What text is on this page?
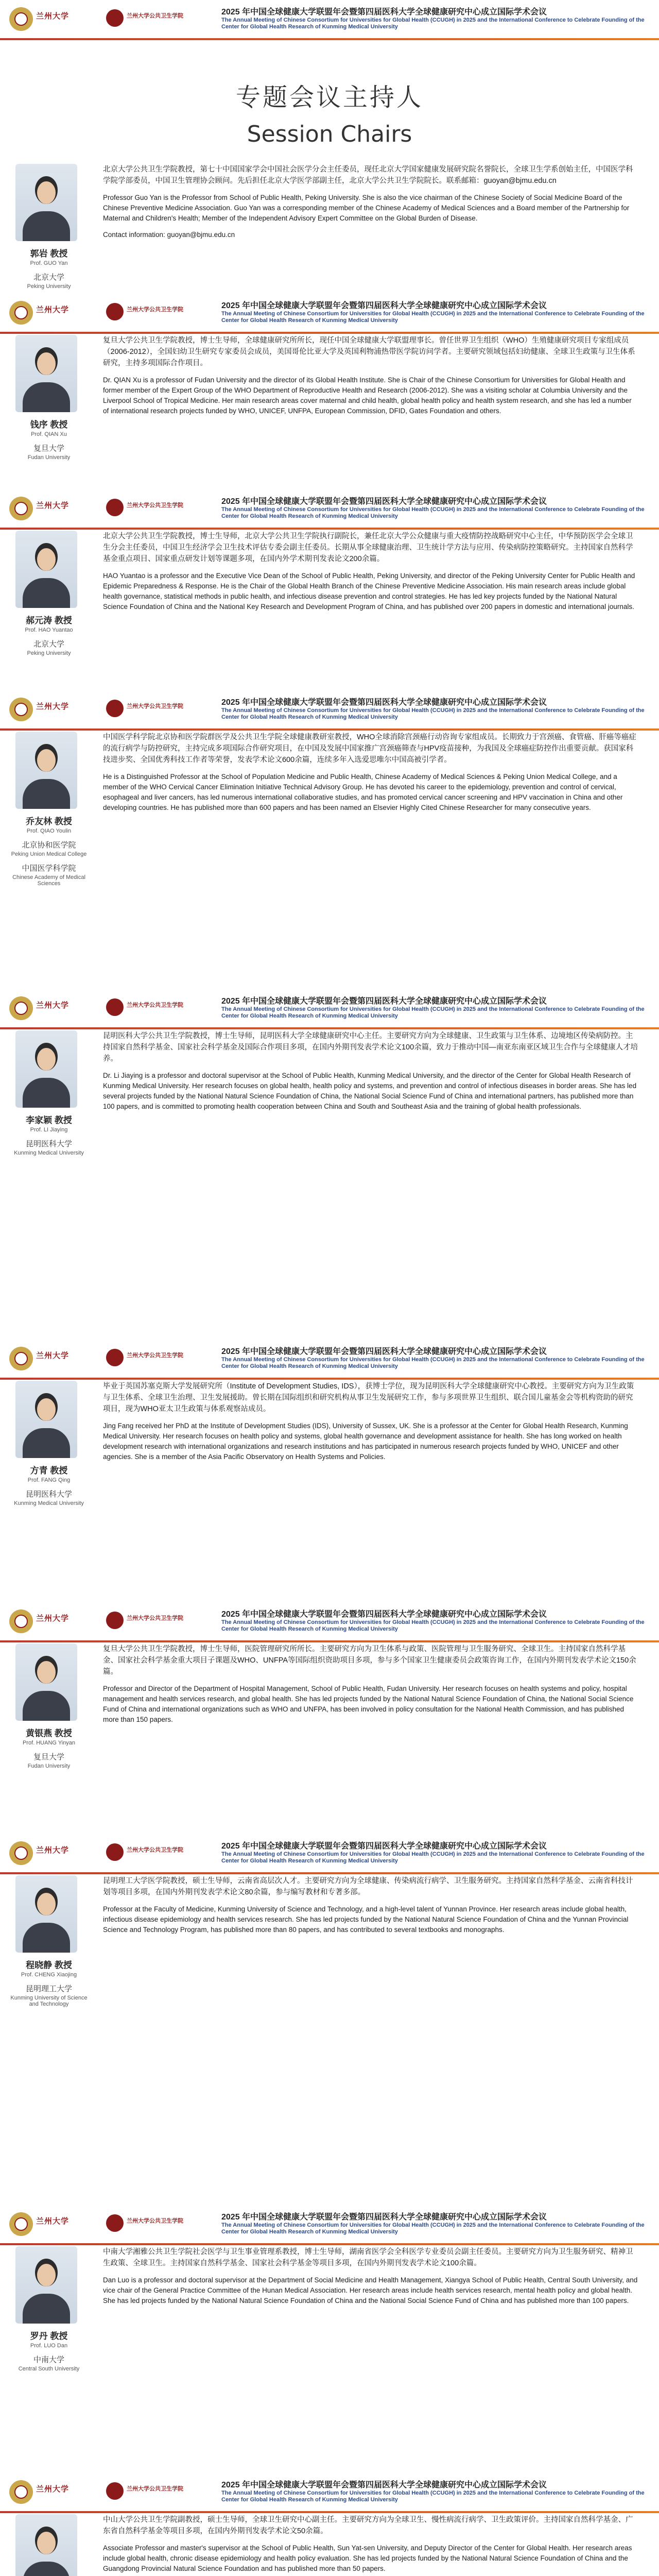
兰州大学	兰州大学公共卫生学院	2025 年中国全球健康大学联盟年会暨第四届医科大学全球健康研究中心成立国际学术会议
The Annual Meeting of Chinese Consortium for Universities for Global Health (CCUGH) in 2025 and the International Conference to Celebrate Founding of the Center for Global Health Research of Kunming Medical University
专题会议主持人
Session Chairs
郭岩 教授
Prof. GUO Yan
北京大学
Peking University

北京大学公共卫生学院教授，第七十中国国家学会中国社会医学分会主任委员，现任北京大学国家健康发展研究院名誉院长，全球卫生学系创始主任，中国医学科学院学部委员，中国卫生管理协会顾问。先后担任北京大学医学部副主任，北京大学公共卫生学院院长。联系邮箱：guoyan@bjmu.edu.cn

Professor Guo Yan is the Professor from School of Public Health, Peking University. She is also the vice chairman of the Chinese Society of Social Medicine Board of the Chinese Preventive Medicine Association. Guo Yan was a corresponding member of the Chinese Academy of Medical Sciences and a Board member of the Partnership for Maternal and Children's Health; Member of the Independent Advisory Expert Committee on the Global Burden of Disease.

Contact information: guoyan@bjmu.edu.cn

兰州大学	兰州大学公共卫生学院	2025 年中国全球健康大学联盟年会暨第四届医科大学全球健康研究中心成立国际学术会议
The Annual Meeting of Chinese Consortium for Universities for Global Health (CCUGH) in 2025 and the International Conference to Celebrate Founding of the Center for Global Health Research of Kunming Medical University
钱序 教授
Prof. QIAN Xu
复旦大学
Fudan University

复旦大学公共卫生学院教授，博士生导师，全球健康研究所所长，现任中国全球健康大学联盟理事长。曾任世界卫生组织（WHO）生殖健康研究项目专家组成员（2006-2012），全国妇幼卫生研究专家委员会成员，美国哥伦比亚大学及英国利物浦热带医学院访问学者。主要研究领域包括妇幼健康、全球卫生政策与卫生体系研究，主持多项国际合作项目。

Dr. QIAN Xu is a professor of Fudan University and the director of its Global Health Institute. She is Chair of the Chinese Consortium for Universities for Global Health and former member of the Expert Group of the WHO Department of Reproductive Health and Research (2006-2012). She was a visiting scholar at Columbia University and the Liverpool School of Tropical Medicine. Her main research areas cover maternal and child health, global health policy and health system research, and she has led a number of international research projects funded by WHO, UNICEF, UNFPA, European Commission, DFID, Gates Foundation and others.

兰州大学	兰州大学公共卫生学院	2025 年中国全球健康大学联盟年会暨第四届医科大学全球健康研究中心成立国际学术会议
The Annual Meeting of Chinese Consortium for Universities for Global Health (CCUGH) in 2025 and the International Conference to Celebrate Founding of the Center for Global Health Research of Kunming Medical University
郝元涛 教授
Prof. HAO Yuantao
北京大学
Peking University

北京大学公共卫生学院教授，博士生导师，北京大学公共卫生学院执行副院长，兼任北京大学公众健康与重大疫情防控战略研究中心主任，中华预防医学会全球卫生分会主任委员，中国卫生经济学会卫生技术评估专委会副主任委员。长期从事全球健康治理、卫生统计学方法与应用、传染病防控策略研究。主持国家自然科学基金重点项目、国家重点研发计划等课题多项，在国内外学术期刊发表论文200余篇。

HAO Yuantao is a professor and the Executive Vice Dean of the School of Public Health, Peking University, and director of the Peking University Center for Public Health and Epidemic Preparedness & Response. He is the Chair of the Global Health Branch of the Chinese Preventive Medicine Association. His main research areas include global health governance, statistical methods in public health, and infectious disease prevention and control strategies. He has led key projects funded by the National Natural Science Foundation of China and the National Key Research and Development Program of China, and has published over 200 papers in domestic and international journals.

兰州大学	兰州大学公共卫生学院	2025 年中国全球健康大学联盟年会暨第四届医科大学全球健康研究中心成立国际学术会议
The Annual Meeting of Chinese Consortium for Universities for Global Health (CCUGH) in 2025 and the International Conference to Celebrate Founding of the Center for Global Health Research of Kunming Medical University
乔友林 教授
Prof. QIAO Youlin
北京协和医学院
Peking Union Medical College
中国医学科学院
Chinese Academy of Medical Sciences

中国医学科学院北京协和医学院群医学及公共卫生学院全球健康教研室教授，WHO全球消除宫颈癌行动咨询专家组成员。长期致力于宫颈癌、食管癌、肝癌等癌症的流行病学与防控研究，主持完成多项国际合作研究项目，在中国及发展中国家推广宫颈癌筛查与HPV疫苗接种，为我国及全球癌症防控作出重要贡献。获国家科技进步奖、全国优秀科技工作者等荣誉，发表学术论文600余篇，连续多年入选爱思唯尔中国高被引学者。

He is a Distinguished Professor at the School of Population Medicine and Public Health, Chinese Academy of Medical Sciences & Peking Union Medical College, and a member of the WHO Cervical Cancer Elimination Initiative Technical Advisory Group. He has devoted his career to the epidemiology, prevention and control of cervical, esophageal and liver cancers, has led numerous international collaborative studies, and has promoted cervical cancer screening and HPV vaccination in China and other developing countries. He has published more than 600 papers and has been named an Elsevier Highly Cited Chinese Researcher for many consecutive years.

兰州大学	兰州大学公共卫生学院	2025 年中国全球健康大学联盟年会暨第四届医科大学全球健康研究中心成立国际学术会议
The Annual Meeting of Chinese Consortium for Universities for Global Health (CCUGH) in 2025 and the International Conference to Celebrate Founding of the Center for Global Health Research of Kunming Medical University
李家颖 教授
Prof. LI Jiaying
昆明医科大学
Kunming Medical University

昆明医科大学公共卫生学院教授，博士生导师，昆明医科大学全球健康研究中心主任。主要研究方向为全球健康、卫生政策与卫生体系、边境地区传染病防控。主持国家自然科学基金、国家社会科学基金及国际合作项目多项，在国内外期刊发表学术论文100余篇，致力于推动中国—南亚东南亚区域卫生合作与全球健康人才培养。

Dr. Li Jiaying is a professor and doctoral supervisor at the School of Public Health, Kunming Medical University, and the director of the Center for Global Health Research of Kunming Medical University. Her research focuses on global health, health policy and systems, and prevention and control of infectious diseases in border areas. She has led several projects funded by the National Natural Science Foundation of China, the National Social Science Fund of China and international partners, has published more than 100 papers, and is committed to promoting health cooperation between China and South and Southeast Asia and the training of global health professionals.

兰州大学	兰州大学公共卫生学院	2025 年中国全球健康大学联盟年会暨第四届医科大学全球健康研究中心成立国际学术会议
The Annual Meeting of Chinese Consortium for Universities for Global Health (CCUGH) in 2025 and the International Conference to Celebrate Founding of the Center for Global Health Research of Kunming Medical University
方青 教授
Prof. FANG Qing
昆明医科大学
Kunming Medical University

毕业于英国苏塞克斯大学发展研究所（Institute of Development Studies, IDS），获博士学位，现为昆明医科大学全球健康研究中心教授。主要研究方向为卫生政策与卫生体系、全球卫生治理、卫生发展援助。曾长期在国际组织和研究机构从事卫生发展研究工作，参与多项世界卫生组织、联合国儿童基金会等机构资助的研究项目，现为WHO亚太卫生政策与体系观察站成员。

Jing Fang received her PhD at the Institute of Development Studies (IDS), University of Sussex, UK. She is a professor at the Center for Global Health Research, Kunming Medical University. Her research focuses on health policy and systems, global health governance and development assistance for health. She has long worked on health development research with international organizations and research institutions and has participated in numerous research projects funded by WHO, UNICEF and other agencies. She is a member of the Asia Pacific Observatory on Health Systems and Policies.

兰州大学	兰州大学公共卫生学院	2025 年中国全球健康大学联盟年会暨第四届医科大学全球健康研究中心成立国际学术会议
The Annual Meeting of Chinese Consortium for Universities for Global Health (CCUGH) in 2025 and the International Conference to Celebrate Founding of the Center for Global Health Research of Kunming Medical University
黄银燕 教授
Prof. HUANG Yinyan
复旦大学
Fudan University

复旦大学公共卫生学院教授，博士生导师，医院管理研究所所长。主要研究方向为卫生体系与政策、医院管理与卫生服务研究、全球卫生。主持国家自然科学基金、国家社会科学基金重大项目子课题及WHO、UNFPA等国际组织资助项目多项，参与多个国家卫生健康委员会政策咨询工作，在国内外期刊发表学术论文150余篇。

Professor and Director of the Department of Hospital Management, School of Public Health, Fudan University. Her research focuses on health systems and policy, hospital management and health services research, and global health. She has led projects funded by the National Natural Science Foundation of China, the National Social Science Fund of China and international organizations such as WHO and UNFPA, has been involved in policy consultation for the National Health Commission, and has published more than 150 papers.

兰州大学	兰州大学公共卫生学院	2025 年中国全球健康大学联盟年会暨第四届医科大学全球健康研究中心成立国际学术会议
The Annual Meeting of Chinese Consortium for Universities for Global Health (CCUGH) in 2025 and the International Conference to Celebrate Founding of the Center for Global Health Research of Kunming Medical University
程晓静 教授
Prof. CHENG Xiaojing
昆明理工大学
Kunming University of Science and Technology

昆明理工大学医学院教授，硕士生导师，云南省高层次人才。主要研究方向为全球健康、传染病流行病学、卫生服务研究。主持国家自然科学基金、云南省科技计划等项目多项，在国内外期刊发表学术论文80余篇，参与编写教材和专著多部。

Professor at the Faculty of Medicine, Kunming University of Science and Technology, and a high-level talent of Yunnan Province. Her research areas include global health, infectious disease epidemiology and health services research. She has led projects funded by the National Natural Science Foundation of China and the Yunnan Provincial Science and Technology Program, has published more than 80 papers, and has contributed to several textbooks and monographs.

兰州大学	兰州大学公共卫生学院	2025 年中国全球健康大学联盟年会暨第四届医科大学全球健康研究中心成立国际学术会议
The Annual Meeting of Chinese Consortium for Universities for Global Health (CCUGH) in 2025 and the International Conference to Celebrate Founding of the Center for Global Health Research of Kunming Medical University
罗丹 教授
Prof. LUO Dan
中南大学
Central South University

中南大学湘雅公共卫生学院社会医学与卫生事业管理系教授，博士生导师，湖南省医学会全科医学专业委员会副主任委员。主要研究方向为卫生服务研究、精神卫生政策、全球卫生。主持国家自然科学基金、国家社会科学基金等项目多项，在国内外期刊发表学术论文100余篇。

Dan Luo is a professor and doctoral supervisor at the Department of Social Medicine and Health Management, Xiangya School of Public Health, Central South University, and vice chair of the General Practice Committee of the Hunan Medical Association. Her research areas include health services research, mental health policy and global health. She has led projects funded by the National Natural Science Foundation of China and the National Social Science Fund of China and has published more than 100 papers.

兰州大学	兰州大学公共卫生学院	2025 年中国全球健康大学联盟年会暨第四届医科大学全球健康研究中心成立国际学术会议
The Annual Meeting of Chinese Consortium for Universities for Global Health (CCUGH) in 2025 and the International Conference to Celebrate Founding of the Center for Global Health Research of Kunming Medical University

中山大学公共卫生学院副教授，硕士生导师，全球卫生研究中心副主任。主要研究方向为全球卫生、慢性病流行病学、卫生政策评价。主持国家自然科学基金、广东省自然科学基金等项目多项，在国内外期刊发表学术论文50余篇。

Associate Professor and master's supervisor at the School of Public Health, Sun Yat-sen University, and Deputy Director of the Center for Global Health. Her research areas include global health, chronic disease epidemiology and health policy evaluation. She has led projects funded by the National Natural Science Foundation of China and the Guangdong Provincial Natural Science Foundation and has published more than 50 papers.
